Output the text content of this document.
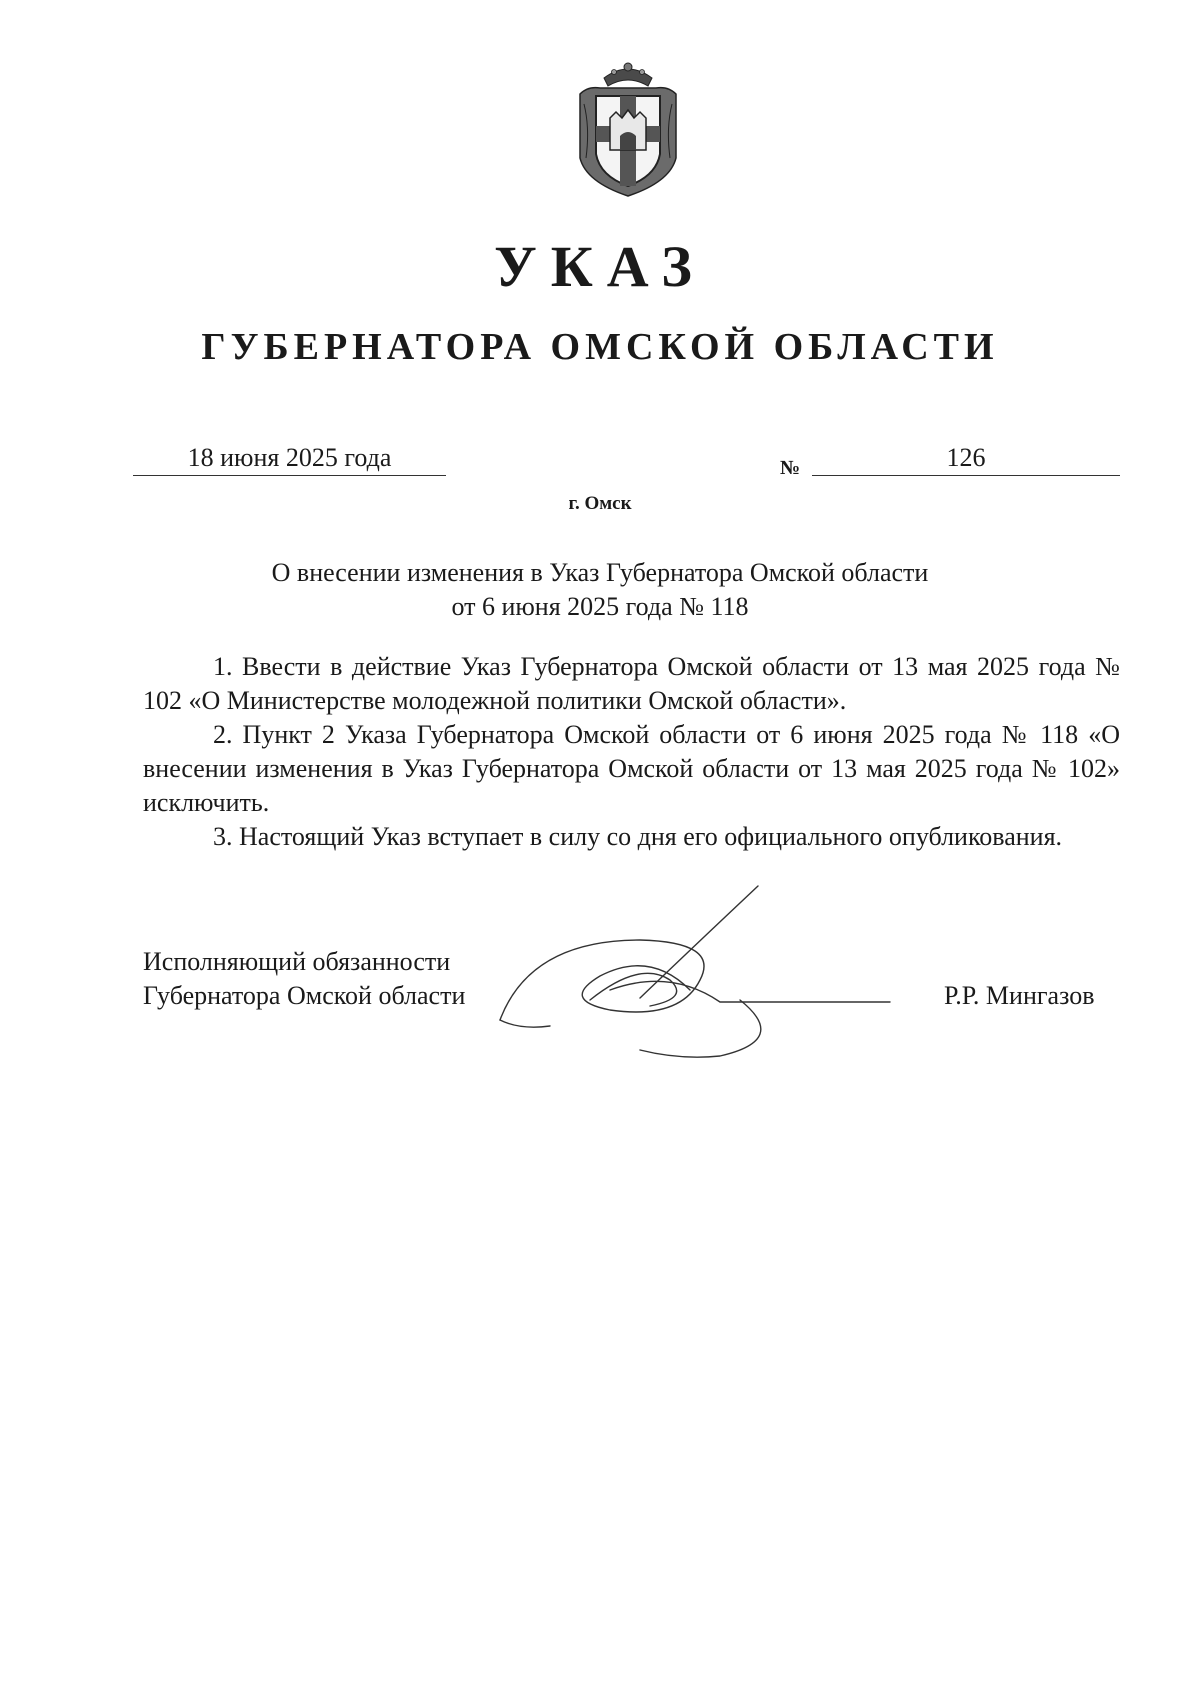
УКАЗ
ГУБЕРНАТОРА ОМСКОЙ ОБЛАСТИ
18 июня 2025 года	№	126
г. Омск
О внесении изменения в Указ Губернатора Омской области
от 6 июня 2025 года № 118

1. Ввести в действие Указ Губернатора Омской области от 13 мая 2025 года № 102 «О Министерстве молодежной политики Омской области».

2. Пункт 2 Указа Губернатора Омской области от 6 июня 2025 года № 118 «О внесении изменения в Указ Губернатора Омской области от 13 мая 2025 года № 102» исключить.

3. Настоящий Указ вступает в силу со дня его официального опубликования.

Исполняющий обязанности
Губернатора Омской области	Р.Р. Мингазов
